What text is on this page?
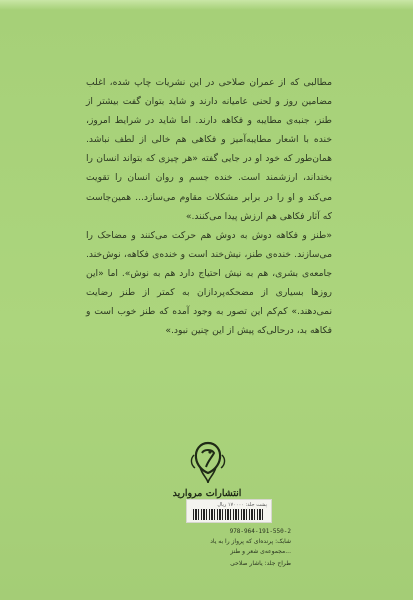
مطالبی که از عمران صلاحی در این نشریات چاپ شده، اغلب مضامین روز و لحنی عامیانه دارند و شاید بتوان گفت بیشتر از طنز، جنبه‌ی مطایبه و فکاهه دارند. اما شاید در شرایط امروز، خنده با اشعار مطایبه‌آمیز و فکاهی هم خالی از لطف نباشد. همان‌طور که خود او در جایی گفته «هر چیزی که بتواند انسان را بخنداند، ارزشمند است. خنده جسم و روان انسان را تقویت می‌کند و او را در برابر مشکلات مقاوم می‌سازد... همین‌جاست که آثار فکاهی هم ارزش پیدا می‌کنند.»

«طنز و فکاهه دوش به دوش هم حرکت می‌کنند و مضاحک را می‌سازند. خنده‌ی طنز، نیش‌خند است و خنده‌ی فکاهه، نوش‌خند. جامعه‌ی بشری، هم به نیش احتیاج دارد هم به نوش». اما «این روزها بسیاری از مضحکه‌پردازان به کمتر از طنز رضایت نمی‌دهند.» کم‌کم این تصور به وجود آمده که طنز خوب است و فکاهه بد، درحالی‌که پیش از این چنین نبود.»

انتشارات مروارید
پشت جلد: ۱۷۰۰۰۰ ریال
978-964-191-550-2
شابک: پرنده‌ای که پرواز را به یاد
...مجموعه‌ی شعر و طنز
طراح جلد: یاشار صلاحی
